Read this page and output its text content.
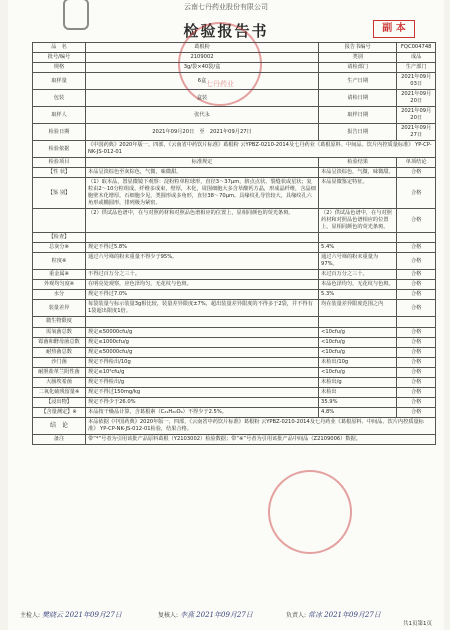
云南七丹药业股份有限公司
检验报告书	副 本
七丹药业
品　名	葛根粉	报告书编号	FQC004748
批号/编号	2109002	类别	成品
规格	3g/袋×40袋/盒	请检部门	生产部门
取样量	6盒	生产日期	2021年09月03日
包装	盒装	请检日期	2021年09月20日
取样人	张代永	取样日期	2021年09月20日
检验日期	2021年09月20日　至　2021年09月27日	报告日期	2021年09月27日
检验依据	《中国药典》2020年版一、四部，《云南省中药饮片标准》葛根粉 云YPBZ-0210-2014及七丹药业《葛根原料、中间品、饮片内控质量标准》 YP-CP-NK-JS-012-01		
检验项目	标准规定	检验结果	单项结论
【性 状】	本品呈淡棕色至灰棕色，气微，味微甜。	本品呈淡棕色，气微，味微甜。	合格
【鉴 别】	（1）取本品，置显微镜下观察：淀粉粒单粒球形，直径3～37μm，脐点点状、裂缝状或星状；复粒由2～10分粒组成。纤维多成束，壁厚，木化，周围细胞大多含草酸钙方晶，形成晶纤维，含晶细胞壁木化增厚。石细胞少见，类圆形或多角形，直径38～70μm。具缘纹孔导管较大，具缘纹孔六角形或椭圆形，排列极为紧密。	本品显微鉴定特征。	合格
	（2）供试品色谱中，在与对照药材和对照品色谱相应的位置上，显相同颜色的荧光条斑。	（2）供试品色谱中，在与对照药材和对照品色谱相应的位置上，显相同颜色的荧光条斑。	合格
【检查】			
总灰分※	规定不得过5.8%	5.4%	合格
粒度※	通过六号筛的粉末重量不得少于95%。	通过六号筛的粉末重量为97%。	合格
重金属※	不得过百万分之三十。	未过百万分之三十。	合格
外观均匀度※	在明亮处观察，应色泽均匀，无花纹与色斑。	本品色泽均匀，无花纹与色斑。	合格
水分	规定不得过7.0%	5.3%	合格
装量差异	每袋装量与标示装量3g相比较，装量差异限度±7%，超出装量差异限度的不得多于2袋，并不得有1袋超出限度1倍。	均在装量差异限度范围之内	合格
微生物限度			
需氧菌总数	规定≤50000cfu/g	<10cfu/g	合格
霉菌和酵母菌总数	规定≤1000cfu/g	<10cfu/g	合格
耐热菌总数	规定≤50000cfu/g	<10cfu/g	合格
沙门菌	规定不得检出/10g	未检出/10g	合格
耐胆盐革兰阴性菌	规定≤10²cfu/g	<10cfu/g	合格
大肠埃希菌	规定不得检出/g	未检出/g	合格
二氧化硫残留量※	规定不得过150mg/kg	未检出	合格
【浸出物】	规定不得少于26.0%	35.9%	合格
【含量测定】※	本品按干燥品计算，含葛根素（C₂₁H₂₀O₉）不得少于2.5%。	4.8%	合格
结　论	本品依据《中国药典》2020年版一、四部，《云南省中药饮片标准》葛根粉 云YPBZ-0210-2014及七丹药业《葛根原料、中间品、饮片内控质量标准》 YP-CP-NK-JS-012-01检验，结果合格。		
备注	带“*”号者为引用该批产品原料葛根（Y2103002）检验数据；带“※”号者为引用该批产品中间品（Z2109006）数据。		
主检人: 樊晓云 2021年09月27日	复核人: 李燕 2021年09月27日	负责人: 常冰 2021年09月27日
共1页第1页
